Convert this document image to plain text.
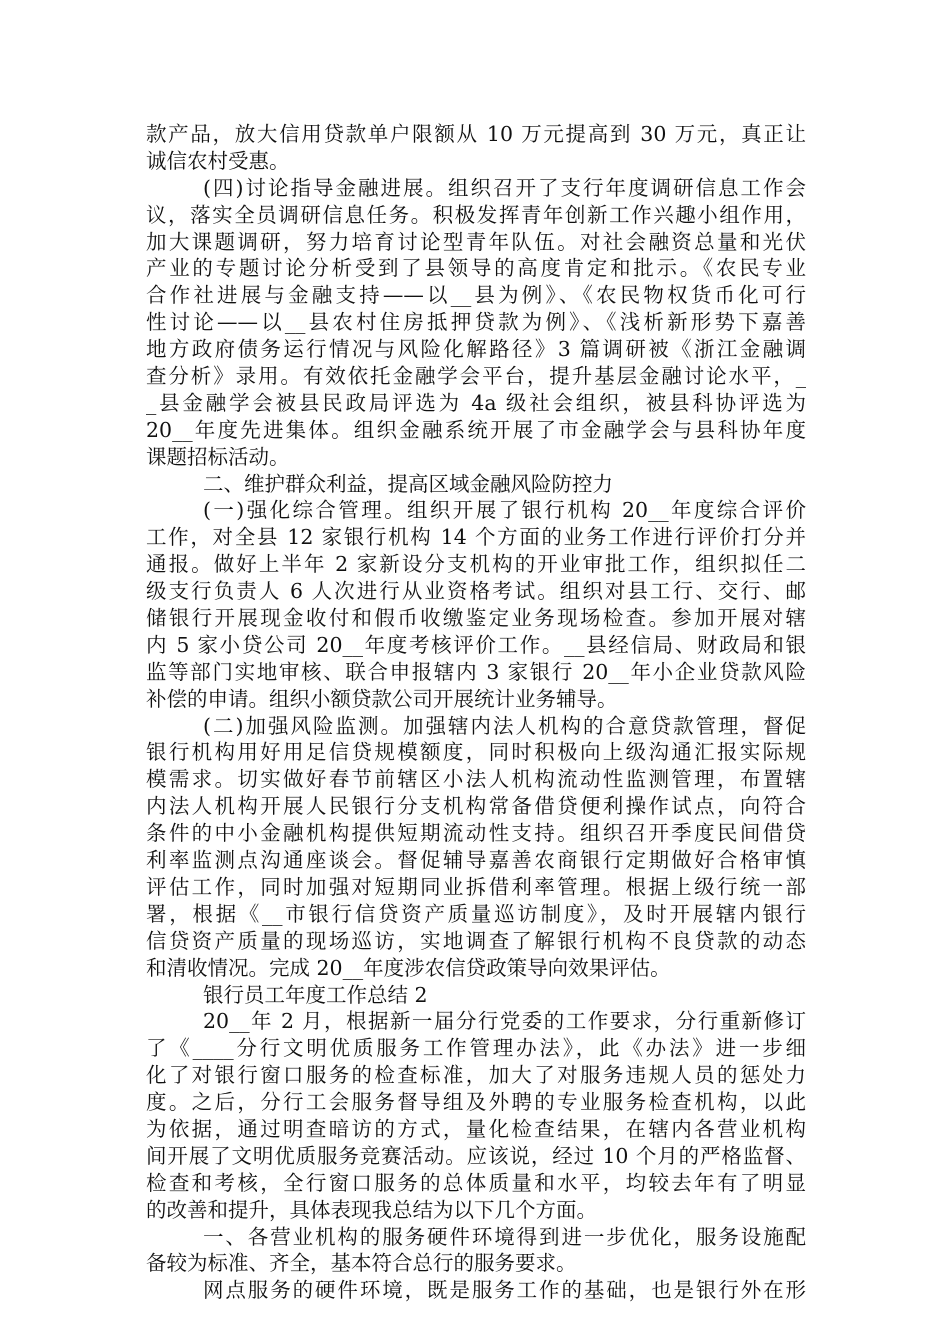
款产品，放大信用贷款单户限额从 10 万元提高到 30 万元，真正让
诚信农村受惠。
(四)讨论指导金融进展。组织召开了支行年度调研信息工作会
议，落实全员调研信息任务。积极发挥青年创新工作兴趣小组作用，
加大课题调研，努力培育讨论型青年队伍。对社会融资总量和光伏
产业的专题讨论分析受到了县领导的高度肯定和批示。《农民专业
合作社进展与金融支持——以__县为例》、《农民物权货币化可行
性讨论——以__县农村住房抵押贷款为例》、《浅析新形势下嘉善
地方政府债务运行情况与风险化解路径》3 篇调研被《浙江金融调
查分析》录用。有效依托金融学会平台，提升基层金融讨论水平，_
_县金融学会被县民政局评选为 4a 级社会组织，被县科协评选为
20__年度先进集体。组织金融系统开展了市金融学会与县科协年度
课题招标活动。
二、维护群众利益，提高区域金融风险防控力
(一)强化综合管理。组织开展了银行机构 20__年度综合评价
工作，对全县 12 家银行机构 14 个方面的业务工作进行评价打分并
通报。做好上半年 2 家新设分支机构的开业审批工作，组织拟任二
级支行负责人 6 人次进行从业资格考试。组织对县工行、交行、邮
储银行开展现金收付和假币收缴鉴定业务现场检查。参加开展对辖
内 5 家小贷公司 20__年度考核评价工作。__县经信局、财政局和银
监等部门实地审核、联合申报辖内 3 家银行 20__年小企业贷款风险
补偿的申请。组织小额贷款公司开展统计业务辅导。
(二)加强风险监测。加强辖内法人机构的合意贷款管理，督促
银行机构用好用足信贷规模额度，同时积极向上级沟通汇报实际规
模需求。切实做好春节前辖区小法人机构流动性监测管理，布置辖
内法人机构开展人民银行分支机构常备借贷便利操作试点，向符合
条件的中小金融机构提供短期流动性支持。组织召开季度民间借贷
利率监测点沟通座谈会。督促辅导嘉善农商银行定期做好合格审慎
评估工作，同时加强对短期同业拆借利率管理。根据上级行统一部
署，根据《__市银行信贷资产质量巡访制度》，及时开展辖内银行
信贷资产质量的现场巡访，实地调查了解银行机构不良贷款的动态
和清收情况。完成 20__年度涉农信贷政策导向效果评估。
银行员工年度工作总结 2
20__年 2 月，根据新一届分行党委的工作要求，分行重新修订
了《____分行文明优质服务工作管理办法》，此《办法》进一步细
化了对银行窗口服务的检查标准，加大了对服务违规人员的惩处力
度。之后，分行工会服务督导组及外聘的专业服务检查机构，以此
为依据，通过明查暗访的方式，量化检查结果，在辖内各营业机构
间开展了文明优质服务竞赛活动。应该说，经过 10 个月的严格监督、
检查和考核，全行窗口服务的总体质量和水平，均较去年有了明显
的改善和提升，具体表现我总结为以下几个方面。
一、各营业机构的服务硬件环境得到进一步优化，服务设施配
备较为标准、齐全，基本符合总行的服务要求。
网点服务的硬件环境，既是服务工作的基础，也是银行外在形
